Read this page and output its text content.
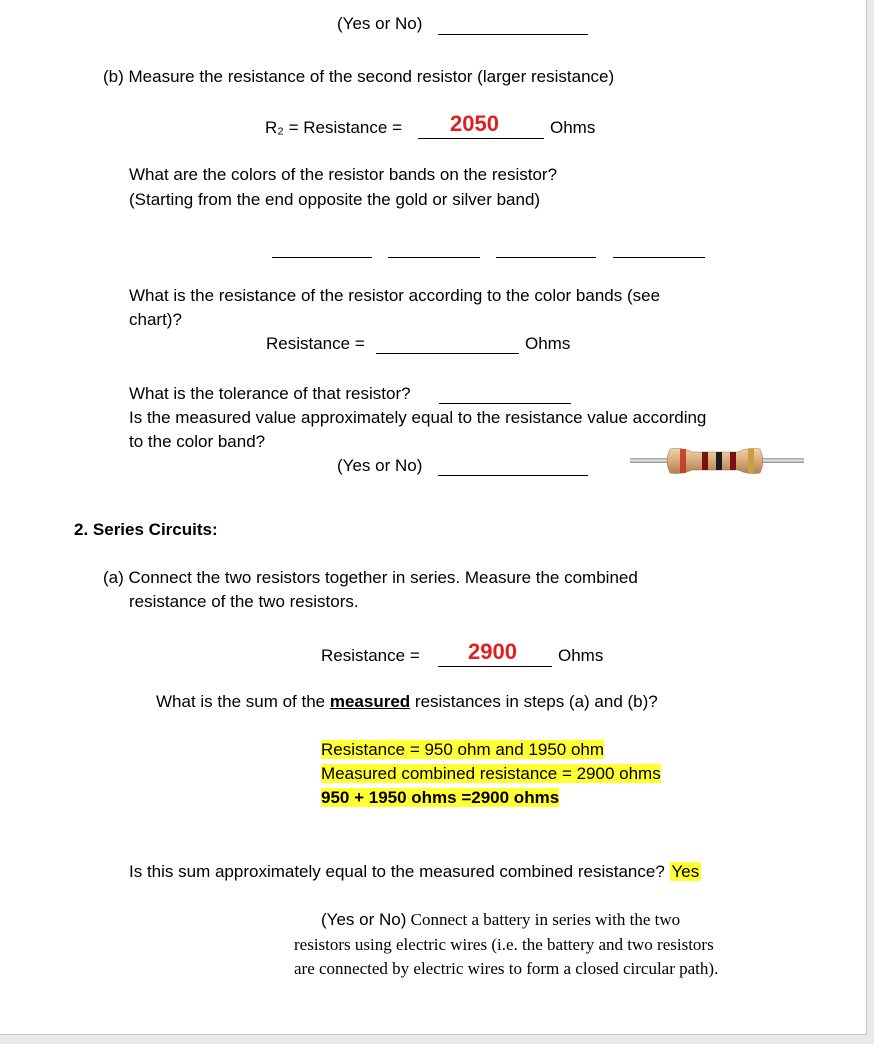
(Yes or No)
(b) Measure the resistance of the second resistor (larger resistance)
R₂ = Resistance = 2050	Ohms
What are the colors of the resistor bands on the resistor?
(Starting from the end opposite the gold or silver band)
What is the resistance of the resistor according to the color bands (see
chart)?
Resistance =	Ohms
What is the tolerance of that resistor?
Is the measured value approximately equal to the resistance value according
to the color band?
(Yes or No)
2. Series Circuits:
(a) Connect the two resistors together in series. Measure the combined
resistance of the two resistors.
Resistance = 2900 Ohms
What is the sum of the measured resistances in steps (a) and (b)?
Resistance = 950 ohm and 1950 ohm
Measured combined resistance = 2900 ohms
950 + 1950 ohms =2900 ohms
Is this sum approximately equal to the measured combined resistance? Yes
(Yes or No) Connect a battery in series with the two
resistors using electric wires (i.e. the battery and two resistors
are connected by electric wires to form a closed circular path).
